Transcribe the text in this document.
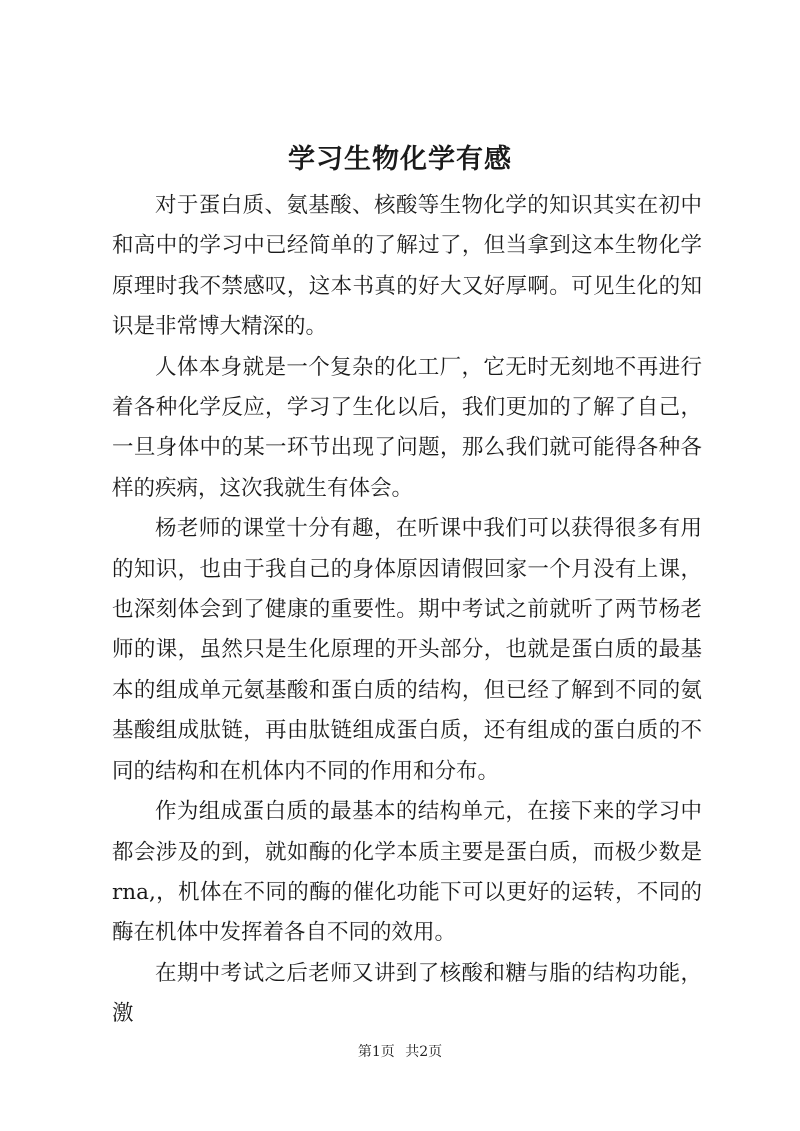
学习生物化学有感

对于蛋白质、氨基酸、核酸等生物化学的知识其实在初中和高中的学习中已经简单的了解过了，但当拿到这本生物化学原理时我不禁感叹，这本书真的好大又好厚啊。可见生化的知识是非常博大精深的。

人体本身就是一个复杂的化工厂，它无时无刻地不再进行着各种化学反应，学习了生化以后，我们更加的了解了自己，一旦身体中的某一环节出现了问题，那么我们就可能得各种各样的疾病，这次我就生有体会。

杨老师的课堂十分有趣，在听课中我们可以获得很多有用的知识，也由于我自己的身体原因请假回家一个月没有上课，也深刻体会到了健康的重要性。期中考试之前就听了两节杨老师的课，虽然只是生化原理的开头部分，也就是蛋白质的最基本的组成单元氨基酸和蛋白质的结构，但已经了解到不同的氨基酸组成肽链，再由肽链组成蛋白质，还有组成的蛋白质的不同的结构和在机体内不同的作用和分布。

作为组成蛋白质的最基本的结构单元，在接下来的学习中都会涉及的到，就如酶的化学本质主要是蛋白质，而极少数是rna,，机体在不同的酶的催化功能下可以更好的运转，不同的酶在机体中发挥着各自不同的效用。

在期中考试之后老师又讲到了核酸和糖与脂的结构功能，激

第1页 共2页
